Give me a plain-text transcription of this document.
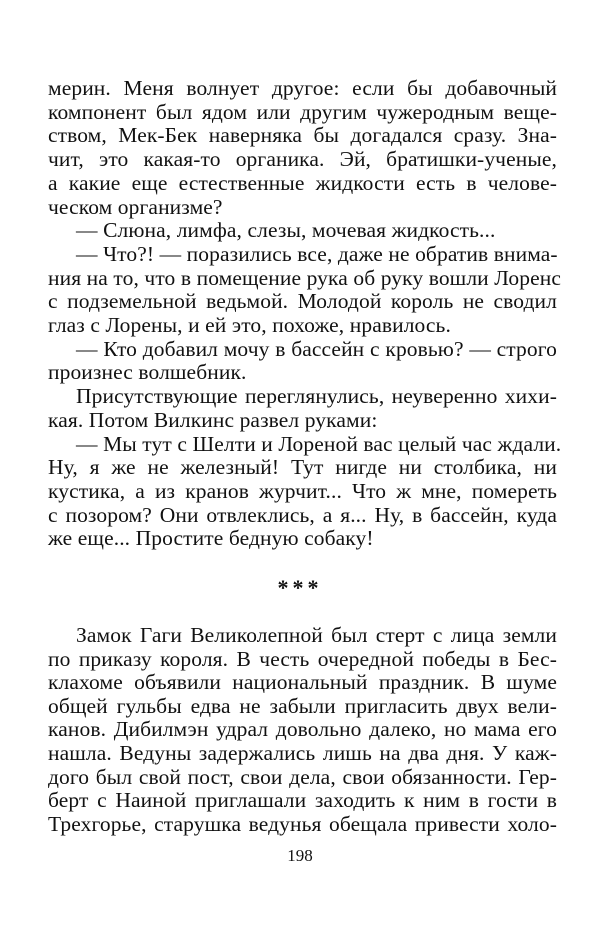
мерин. Меня волнует другое: если бы добавочный
компонент был ядом или другим чужеродным веще-
ством, Мек-Бек наверняка бы догадался сразу. Зна-
чит, это какая-то органика. Эй, братишки-ученые,
а какие еще естественные жидкости есть в челове-
ческом организме?
— Слюна, лимфа, слезы, мочевая жидкость...
— Что?! — поразились все, даже не обратив внима-
ния на то, что в помещение рука об руку вошли Лоренс
с подземельной ведьмой. Молодой король не сводил
глаз с Лорены, и ей это, похоже, нравилось.
— Кто добавил мочу в бассейн с кровью? — строго
произнес волшебник.
Присутствующие переглянулись, неуверенно хихи-
кая. Потом Вилкинс развел руками:
— Мы тут с Шелти и Лореной вас целый час ждали.
Ну, я же не железный! Тут нигде ни столбика, ни
кустика, а из кранов журчит... Что ж мне, помереть
с позором? Они отвлеклись, а я... Ну, в бассейн, куда
же еще... Простите бедную собаку!
***
Замок Гаги Великолепной был стерт с лица земли
по приказу короля. В честь очередной победы в Бес-
клахоме объявили национальный праздник. В шуме
общей гульбы едва не забыли пригласить двух вели-
канов. Дибилмэн удрал довольно далеко, но мама его
нашла. Ведуны задержались лишь на два дня. У каж-
дого был свой пост, свои дела, свои обязанности. Гер-
берт с Наиной приглашали заходить к ним в гости в
Трехгорье, старушка ведунья обещала привести холо-
198
